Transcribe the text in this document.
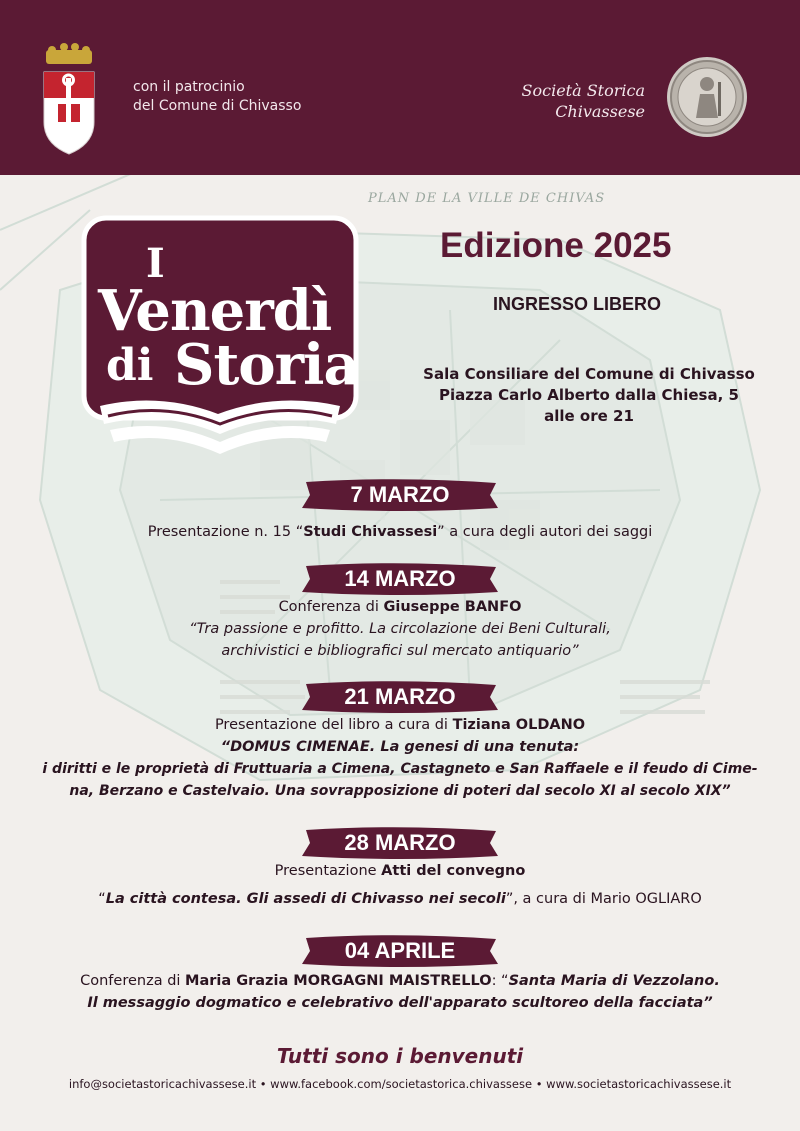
PLAN DE LA VILLE DE CHIVAS
con il patrocinio
del Comune di Chivasso
Società Storica
Chivassese
I
Venerdì
di Storia
Edizione 2025
INGRESSO LIBERO
Sala Consiliare del Comune di Chivasso
Piazza Carlo Alberto dalla Chiesa, 5
alle ore 21
7 MARZO
Presentazione n. 15 “Studi Chivassesi” a cura degli autori dei saggi
14 MARZO
Conferenza di Giuseppe BANFO
“Tra passione e profitto. La circolazione dei Beni Culturali,
archivistici e bibliografici sul mercato antiquario”
21 MARZO
Presentazione del libro a cura di Tiziana OLDANO
“DOMUS CIMENAE. La genesi di una tenuta:
i diritti e le proprietà di Fruttuaria a Cimena, Castagneto e San Raffaele e il feudo di Cime-
na, Berzano e Castelvaio. Una sovrapposizione di poteri dal secolo XI al secolo XIX”
28 MARZO
Presentazione Atti del convegno
“La città contesa. Gli assedi di Chivasso nei secoli”, a cura di Mario OGLIARO
04 APRILE
Conferenza di Maria Grazia MORGAGNI MAISTRELLO: “Santa Maria di Vezzolano.
Il messaggio dogmatico e celebrativo dell'apparato scultoreo della facciata”
Tutti sono i benvenuti
info@societastoricachivassese.it • www.facebook.com/societastorica.chivassese • www.societastoricachivassese.it
